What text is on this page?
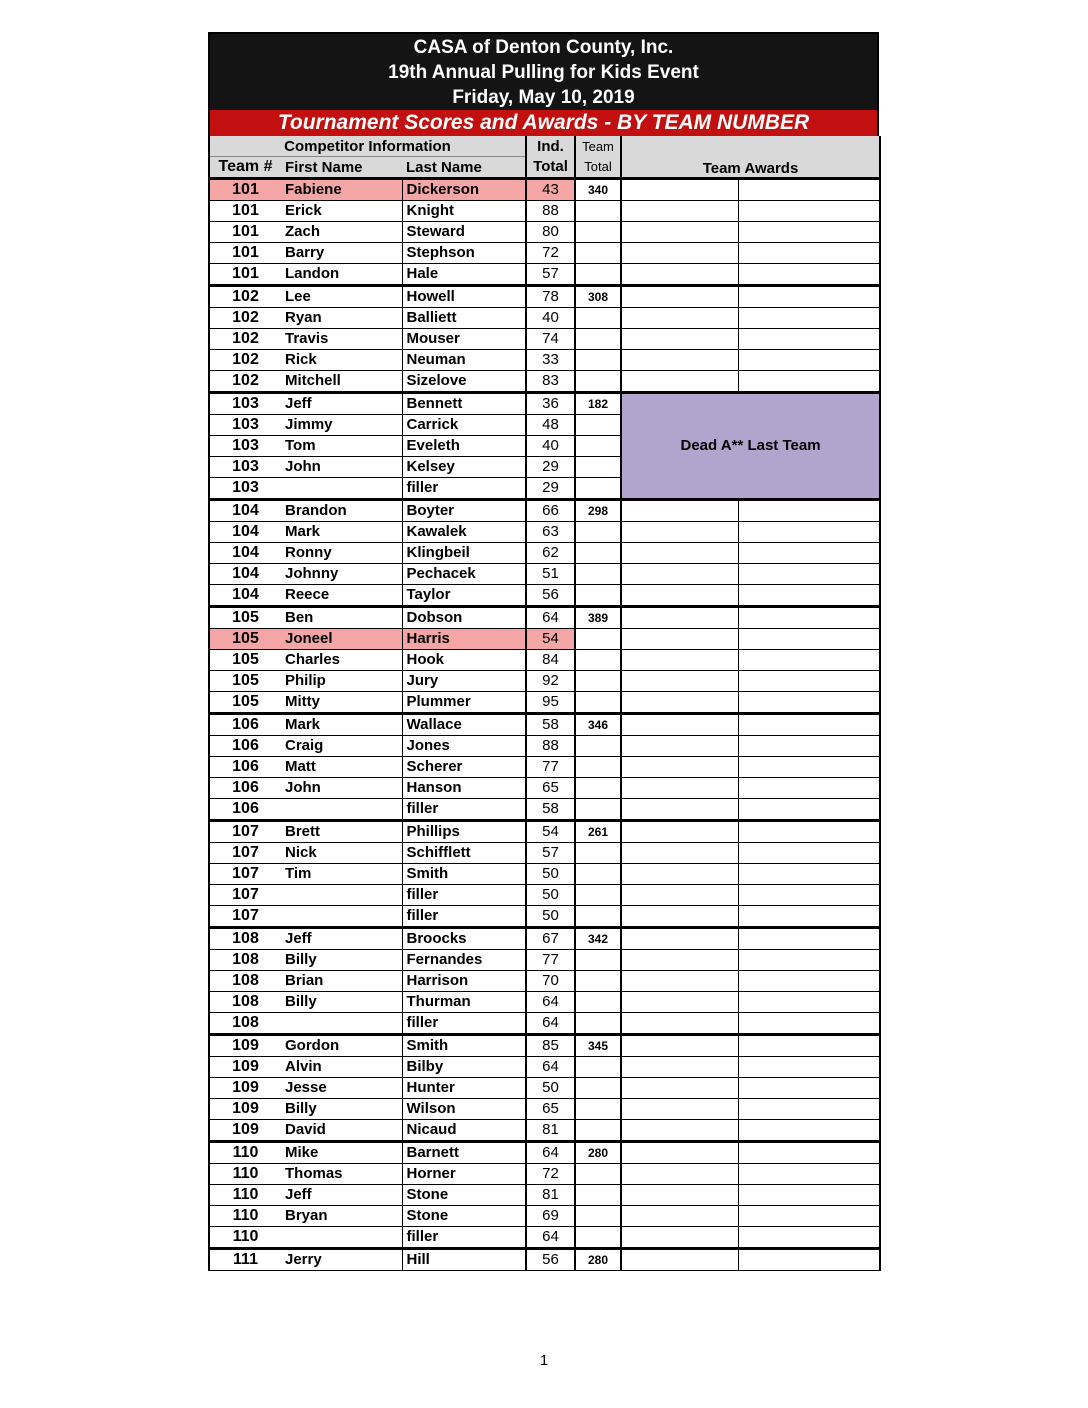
CASA of Denton County, Inc.
19th Annual Pulling for Kids Event
Friday, May 10, 2019
Tournament Scores and Awards - BY TEAM NUMBER
Competitor Information			Ind.	Team	Team Awards	
Team #	First Name	Last Name	Total	Total		
101	Fabiene	Dickerson	43	340		
101	Erick	Knight	88			
101	Zach	Steward	80			
101	Barry	Stephson	72			
101	Landon	Hale	57			
102	Lee	Howell	78	308		
102	Ryan	Balliett	40			
102	Travis	Mouser	74			
102	Rick	Neuman	33			
102	Mitchell	Sizelove	83			
103	Jeff	Bennett	36	182	Dead A** Last Team	
103	Jimmy	Carrick	48			
103	Tom	Eveleth	40			
103	John	Kelsey	29			
103		filler	29			
104	Brandon	Boyter	66	298		
104	Mark	Kawalek	63			
104	Ronny	Klingbeil	62			
104	Johnny	Pechacek	51			
104	Reece	Taylor	56			
105	Ben	Dobson	64	389		
105	Joneel	Harris	54			
105	Charles	Hook	84			
105	Philip	Jury	92			
105	Mitty	Plummer	95			
106	Mark	Wallace	58	346		
106	Craig	Jones	88			
106	Matt	Scherer	77			
106	John	Hanson	65			
106		filler	58			
107	Brett	Phillips	54	261		
107	Nick	Schifflett	57			
107	Tim	Smith	50			
107		filler	50			
107		filler	50			
108	Jeff	Broocks	67	342		
108	Billy	Fernandes	77			
108	Brian	Harrison	70			
108	Billy	Thurman	64			
108		filler	64			
109	Gordon	Smith	85	345		
109	Alvin	Bilby	64			
109	Jesse	Hunter	50			
109	Billy	Wilson	65			
109	David	Nicaud	81			
110	Mike	Barnett	64	280		
110	Thomas	Horner	72			
110	Jeff	Stone	81			
110	Bryan	Stone	69			
110		filler	64			
111	Jerry	Hill	56	280		
1
